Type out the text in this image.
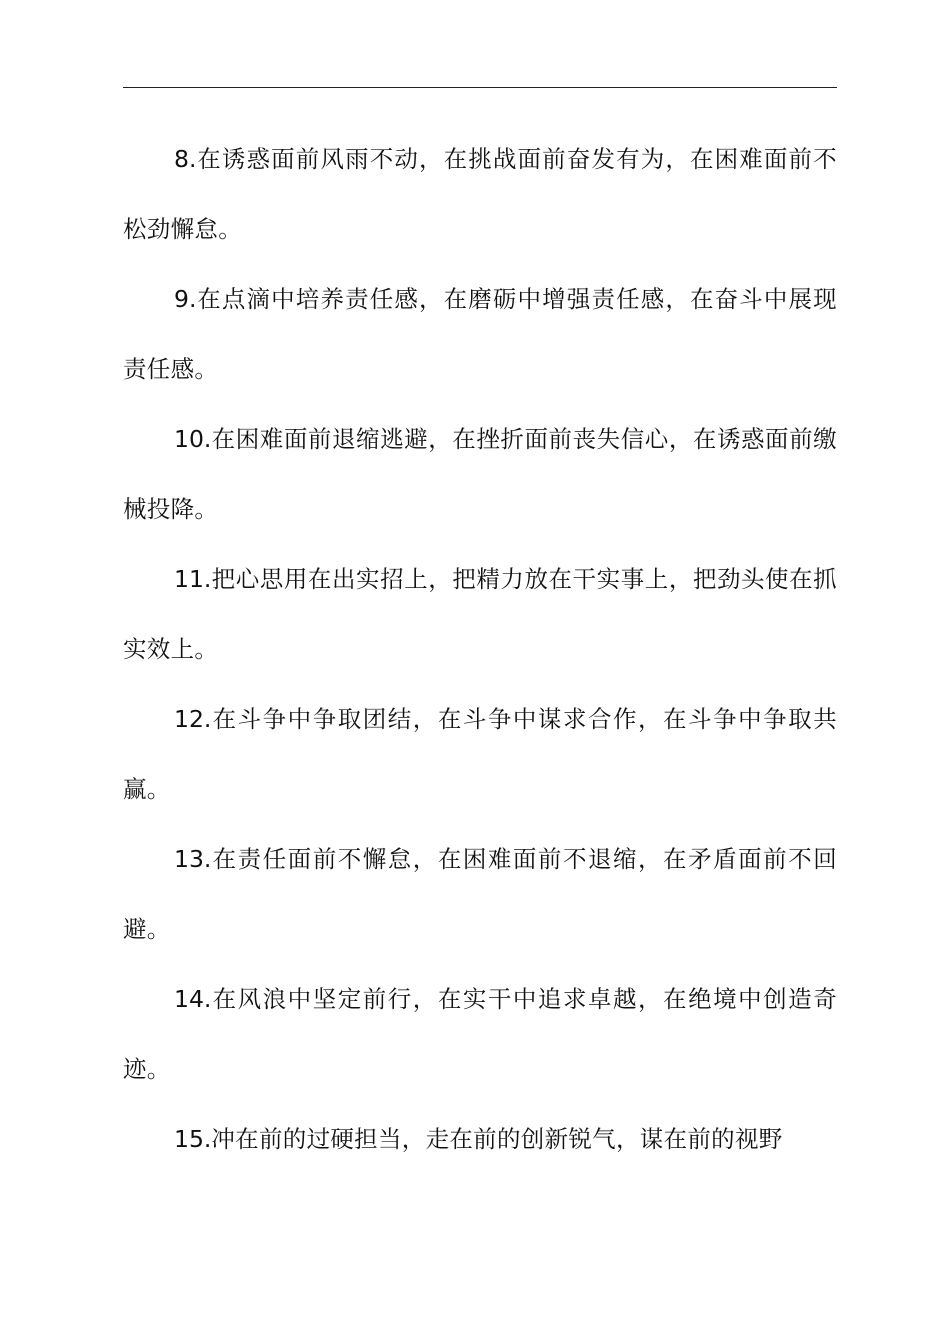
8.在诱惑面前风雨不动，在挑战面前奋发有为，在困难面前不松劲懈怠。

9.在点滴中培养责任感，在磨砺中增强责任感，在奋斗中展现责任感。

10.在困难面前退缩逃避，在挫折面前丧失信心，在诱惑面前缴械投降。

11.把心思用在出实招上，把精力放在干实事上，把劲头使在抓实效上。

12.在斗争中争取团结，在斗争中谋求合作，在斗争中争取共赢。

13.在责任面前不懈怠，在困难面前不退缩，在矛盾面前不回避。

14.在风浪中坚定前行，在实干中追求卓越，在绝境中创造奇迹。

15.冲在前的过硬担当，走在前的创新锐气，谋在前的视野
